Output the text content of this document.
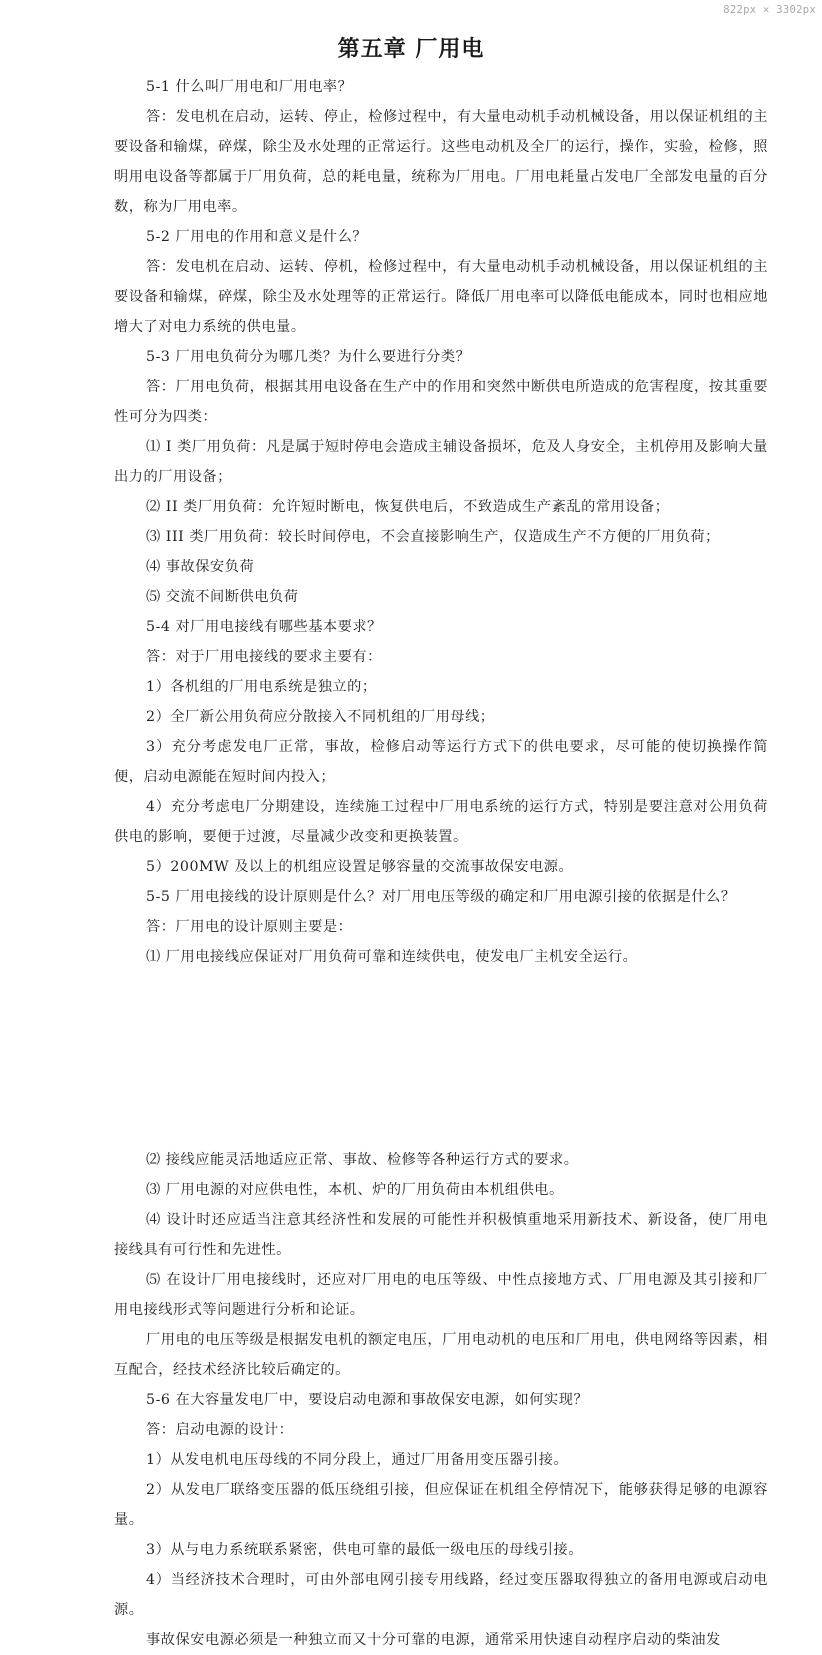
822px × 3302px
第五章 厂用电

5-1 什么叫厂用电和厂用电率？

答：发电机在启动，运转、停止，检修过程中，有大量电动机手动机械设备，用以保证机组的主要设备和输煤，碎煤，除尘及水处理的正常运行。这些电动机及全厂的运行，操作，实验，检修，照明用电设备等都属于厂用负荷，总的耗电量，统称为厂用电。厂用电耗量占发电厂全部发电量的百分数，称为厂用电率。

5-2 厂用电的作用和意义是什么？

答：发电机在启动、运转、停机，检修过程中，有大量电动机手动机械设备，用以保证机组的主要设备和输煤，碎煤，除尘及水处理等的正常运行。降低厂用电率可以降低电能成本，同时也相应地增大了对电力系统的供电量。

5-3 厂用电负荷分为哪几类？为什么要进行分类？

答：厂用电负荷，根据其用电设备在生产中的作用和突然中断供电所造成的危害程度，按其重要性可分为四类：

⑴ I 类厂用负荷：凡是属于短时停电会造成主辅设备损坏，危及人身安全，主机停用及影响大量出力的厂用设备；

⑵ II 类厂用负荷：允许短时断电，恢复供电后，不致造成生产紊乱的常用设备；

⑶ III 类厂用负荷：较长时间停电，不会直接影响生产，仅造成生产不方便的厂用负荷；

⑷ 事故保安负荷

⑸ 交流不间断供电负荷

5-4 对厂用电接线有哪些基本要求？

答：对于厂用电接线的要求主要有：

1）各机组的厂用电系统是独立的；

2）全厂新公用负荷应分散接入不同机组的厂用母线；

3）充分考虑发电厂正常，事故，检修启动等运行方式下的供电要求，尽可能的使切换操作简便，启动电源能在短时间内投入；

4）充分考虑电厂分期建设，连续施工过程中厂用电系统的运行方式，特别是要注意对公用负荷供电的影响，要便于过渡，尽量减少改变和更换装置。

5）200MW 及以上的机组应设置足够容量的交流事故保安电源。

5-5 厂用电接线的设计原则是什么？对厂用电压等级的确定和厂用电源引接的依据是什么？

答：厂用电的设计原则主要是：

⑴ 厂用电接线应保证对厂用负荷可靠和连续供电，使发电厂主机安全运行。

⑵ 接线应能灵活地适应正常、事故、检修等各种运行方式的要求。

⑶ 厂用电源的对应供电性，本机、炉的厂用负荷由本机组供电。

⑷ 设计时还应适当注意其经济性和发展的可能性并积极慎重地采用新技术、新设备，使厂用电接线具有可行性和先进性。

⑸ 在设计厂用电接线时，还应对厂用电的电压等级、中性点接地方式、厂用电源及其引接和厂用电接线形式等问题进行分析和论证。

厂用电的电压等级是根据发电机的额定电压，厂用电动机的电压和厂用电，供电网络等因素，相互配合，经技术经济比较后确定的。

5-6 在大容量发电厂中，要设启动电源和事故保安电源，如何实现？

答：启动电源的设计：

1）从发电机电压母线的不同分段上，通过厂用备用变压器引接。

2）从发电厂联络变压器的低压绕组引接，但应保证在机组全停情况下，能够获得足够的电源容量。

3）从与电力系统联系紧密，供电可靠的最低一级电压的母线引接。

4）当经济技术合理时，可由外部电网引接专用线路，经过变压器取得独立的备用电源或启动电源。

事故保安电源必须是一种独立而又十分可靠的电源，通常采用快速自动程序启动的柴油发
